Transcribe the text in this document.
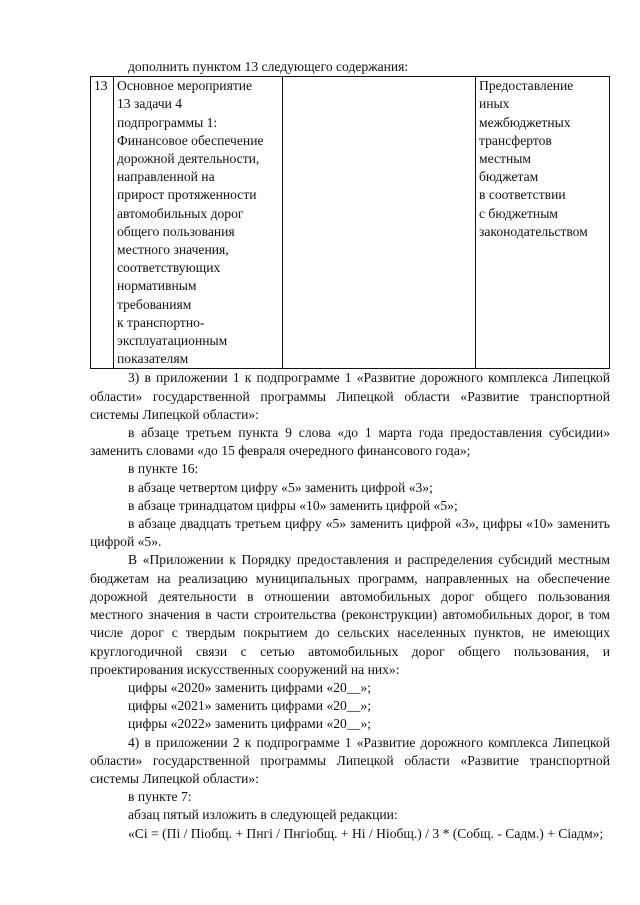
дополнить пунктом 13 следующего содержания:

13	Основное мероприятие
13 задачи 4
подпрограммы 1:
Финансовое обеспечение
дорожной деятельности,
направленной на
прирост протяженности
автомобильных дорог
общего пользования
местного значения,
соответствующих
нормативным
требованиям
к транспортно-
эксплуатационным
показателям		Предоставление
иных
межбюджетных
трансфертов
местным
бюджетам
в соответствии
с бюджетным
законодательством

3) в приложении 1 к подпрограмме 1 «Развитие дорожного комплекса Липецкой области» государственной программы Липецкой области «Развитие транспортной системы Липецкой области»:

в абзаце третьем пункта 9 слова «до 1 марта года предоставления субсидии» заменить словами «до 15 февраля очередного финансового года»;

в пункте 16:

в абзаце четвертом цифру «5» заменить цифрой «3»;

в абзаце тринадцатом цифры «10» заменить цифрой «5»;

в абзаце двадцать третьем цифру «5» заменить цифрой «3», цифры «10» заменить цифрой «5».

В «Приложении к Порядку предоставления и распределения субсидий местным бюджетам на реализацию муниципальных программ, направленных на обеспечение дорожной деятельности в отношении автомобильных дорог общего пользования местного значения в части строительства (реконструкции) автомобильных дорог, в том числе дорог с твердым покрытием до сельских населенных пунктов, не имеющих круглогодичной связи с сетью автомобильных дорог общего пользования, и проектирования искусственных сооружений на них»:

цифры «2020» заменить цифрами «20__»;

цифры «2021» заменить цифрами «20__»;

цифры «2022» заменить цифрами «20__»;

4) в приложении 2 к подпрограмме 1 «Развитие дорожного комплекса Липецкой области» государственной программы Липецкой области «Развитие транспортной системы Липецкой области»:

в пункте 7:

абзац пятый изложить в следующей редакции:

«Сi = (Пi / Пiобщ. + Пнгi / Пнгiобщ. + Нi / Нiобщ.) / 3 * (Собщ. - Садм.) + Сiадм»;
